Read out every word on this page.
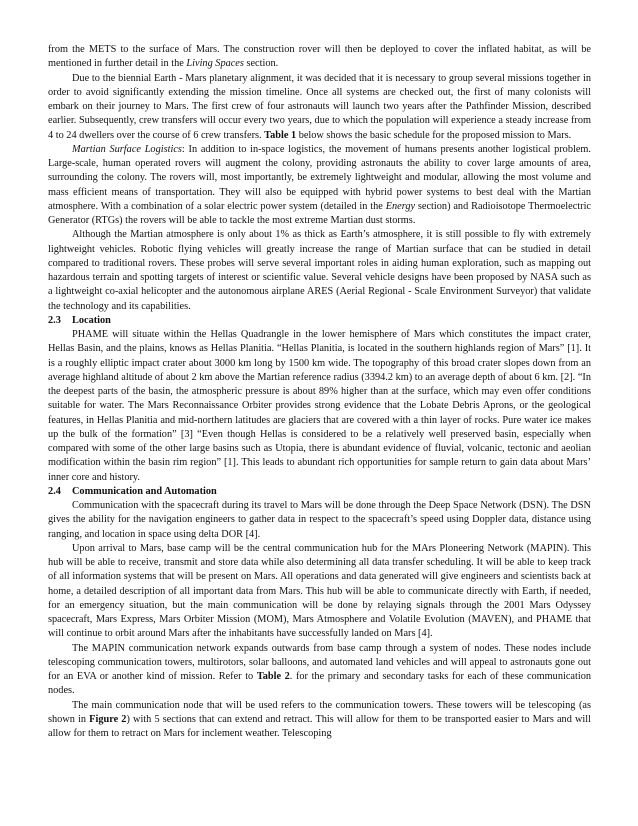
from the METS to the surface of Mars. The construction rover will then be deployed to cover the inflated habitat, as will be mentioned in further detail in the Living Spaces section.

Due to the biennial Earth - Mars planetary alignment, it was decided that it is necessary to group several missions together in order to avoid significantly extending the mission timeline. Once all systems are checked out, the first of many colonists will embark on their journey to Mars. The first crew of four astronauts will launch two years after the Pathfinder Mission, described earlier. Subsequently, crew transfers will occur every two years, due to which the population will experience a steady increase from 4 to 24 dwellers over the course of 6 crew transfers. Table 1 below shows the basic schedule for the proposed mission to Mars.

Martian Surface Logistics: In addition to in-space logistics, the movement of humans presents another logistical problem. Large-scale, human operated rovers will augment the colony, providing astronauts the ability to cover large amounts of area, surrounding the colony. The rovers will, most importantly, be extremely lightweight and modular, allowing the most volume and mass efficient means of transportation. They will also be equipped with hybrid power systems to best deal with the Martian atmosphere. With a combination of a solar electric power system (detailed in the Energy section) and Radioisotope Thermoelectric Generator (RTGs) the rovers will be able to tackle the most extreme Martian dust storms.

Although the Martian atmosphere is only about 1% as thick as Earth’s atmosphere, it is still possible to fly with extremely lightweight vehicles. Robotic flying vehicles will greatly increase the range of Martian surface that can be studied in detail compared to traditional rovers. These probes will serve several important roles in aiding human exploration, such as mapping out hazardous terrain and spotting targets of interest or scientific value. Several vehicle designs have been proposed by NASA such as a lightweight co-axial helicopter and the autonomous airplane ARES (Aerial Regional - Scale Environment Surveyor) that validate the technology and its capabilities.

2.3 Location

PHAME will situate within the Hellas Quadrangle in the lower hemisphere of Mars which constitutes the impact crater, Hellas Basin, and the plains, knows as Hellas Planitia. “Hellas Planitia, is located in the southern highlands region of Mars” [1]. It is a roughly elliptic impact crater about 3000 km long by 1500 km wide. The topography of this broad crater slopes down from an average highland altitude of about 2 km above the Martian reference radius (3394.2 km) to an average depth of about 6 km. [2]. “In the deepest parts of the basin, the atmospheric pressure is about 89% higher than at the surface, which may even offer conditions suitable for water. The Mars Reconnaissance Orbiter provides strong evidence that the Lobate Debris Aprons, or the geological features, in Hellas Planitia and mid-northern latitudes are glaciers that are covered with a thin layer of rocks. Pure water ice makes up the bulk of the formation” [3] “Even though Hellas is considered to be a relatively well preserved basin, especially when compared with some of the other large basins such as Utopia, there is abundant evidence of fluvial, volcanic, tectonic and aeolian modification within the basin rim region” [1]. This leads to abundant rich opportunities for sample return to gain data about Mars’ inner core and history.

2.4 Communication and Automation

Communication with the spacecraft during its travel to Mars will be done through the Deep Space Network (DSN). The DSN gives the ability for the navigation engineers to gather data in respect to the spacecraft’s speed using Doppler data, distance using ranging, and location in space using delta DOR [4].

Upon arrival to Mars, base camp will be the central communication hub for the MArs Ploneering Network (MAPIN). This hub will be able to receive, transmit and store data while also determining all data transfer scheduling. It will be able to keep track of all information systems that will be present on Mars. All operations and data generated will give engineers and scientists back at home, a detailed description of all important data from Mars. This hub will be able to communicate directly with Earth, if needed, for an emergency situation, but the main communication will be done by relaying signals through the 2001 Mars Odyssey spacecraft, Mars Express, Mars Orbiter Mission (MOM), Mars Atmosphere and Volatile Evolution (MAVEN), and PHAME that will continue to orbit around Mars after the inhabitants have successfully landed on Mars [4].

The MAPIN communication network expands outwards from base camp through a system of nodes. These nodes include telescoping communication towers, multirotors, solar balloons, and automated land vehicles and will appeal to astronauts gone out for an EVA or another kind of mission. Refer to Table 2. for the primary and secondary tasks for each of these communication nodes.

The main communication node that will be used refers to the communication towers. These towers will be telescoping (as shown in Figure 2) with 5 sections that can extend and retract. This will allow for them to be transported easier to Mars and will allow for them to retract on Mars for inclement weather. Telescoping
